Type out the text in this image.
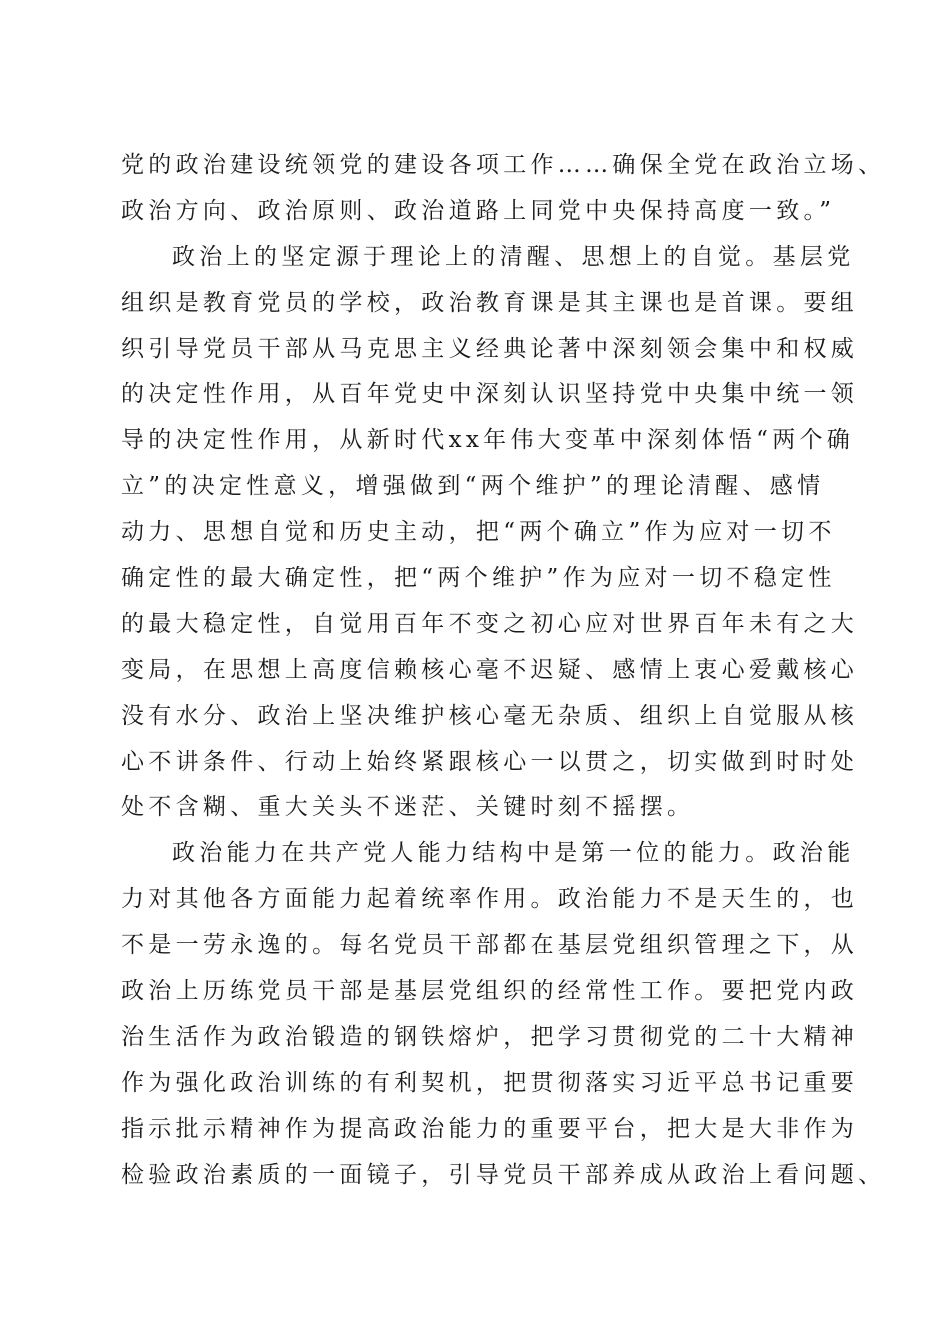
党的政治建设统领党的建设各项工作……确保全党在政治立场、
政治方向、政治原则、政治道路上同党中央保持高度一致。”
政治上的坚定源于理论上的清醒、思想上的自觉。基层党
组织是教育党员的学校，政治教育课是其主课也是首课。要组
织引导党员干部从马克思主义经典论著中深刻领会集中和权威
的决定性作用，从百年党史中深刻认识坚持党中央集中统一领
导的决定性作用，从新时代xx年伟大变革中深刻体悟“两个确
立”的决定性意义，增强做到“两个维护”的理论清醒、感情
动力、思想自觉和历史主动，把“两个确立”作为应对一切不
确定性的最大确定性，把“两个维护”作为应对一切不稳定性
的最大稳定性，自觉用百年不变之初心应对世界百年未有之大
变局，在思想上高度信赖核心毫不迟疑、感情上衷心爱戴核心
没有水分、政治上坚决维护核心毫无杂质、组织上自觉服从核
心不讲条件、行动上始终紧跟核心一以贯之，切实做到时时处
处不含糊、重大关头不迷茫、关键时刻不摇摆。
政治能力在共产党人能力结构中是第一位的能力。政治能
力对其他各方面能力起着统率作用。政治能力不是天生的，也
不是一劳永逸的。每名党员干部都在基层党组织管理之下，从
政治上历练党员干部是基层党组织的经常性工作。要把党内政
治生活作为政治锻造的钢铁熔炉，把学习贯彻党的二十大精神
作为强化政治训练的有利契机，把贯彻落实习近平总书记重要
指示批示精神作为提高政治能力的重要平台，把大是大非作为
检验政治素质的一面镜子，引导党员干部养成从政治上看问题、
